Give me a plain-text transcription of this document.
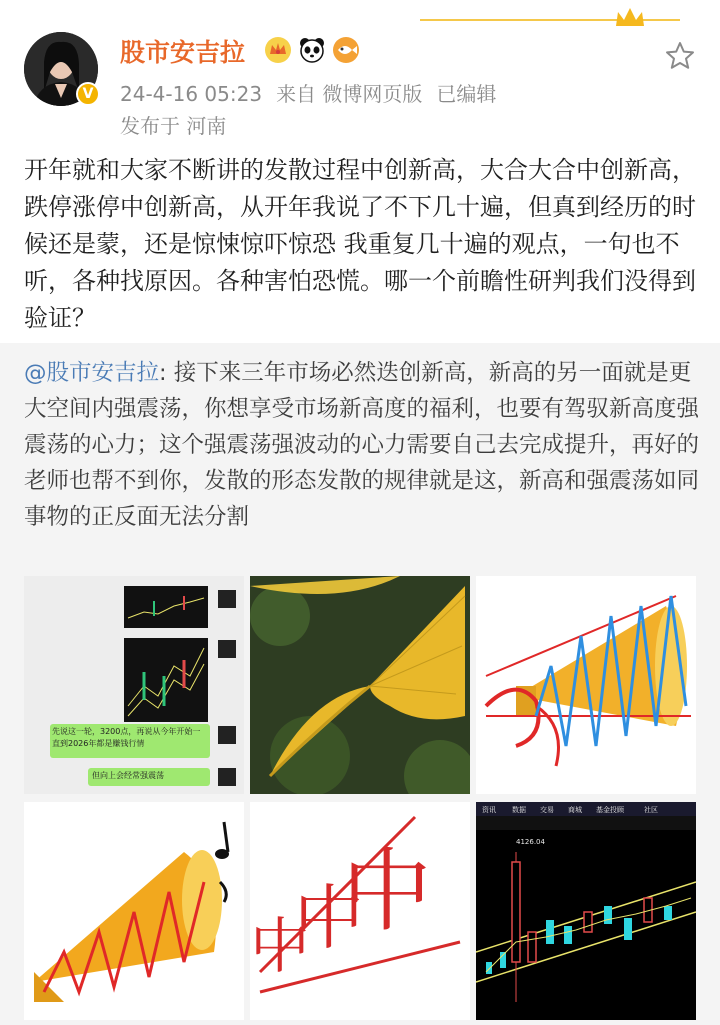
V
股市安吉拉
24-4-16 05:23 来自 微博网页版 已编辑
发布于 河南
开年就和大家不断讲的发散过程中创新高，大合大合中创新高，跌停涨停中创新高，从开年我说了不下几十遍，但真到经历的时候还是蒙，还是惊悚惊吓惊恐 我重复几十遍的观点，一句也不听，各种找原因。各种害怕恐慌。哪一个前瞻性研判我们没得到验证？
@股市安吉拉: 接下来三年市场必然迭创新高，新高的另一面就是更大空间内强震荡，你想享受市场新高度的福利，也要有驾驭新高度强震荡的心力；这个强震荡强波动的心力需要自己去完成提升，再好的老师也帮不到你，发散的形态发散的规律就是这，新高和强震荡如同事物的正反面无法分割
先说这一轮，3200点，再说从今年开始一直到2026年都是赚钱行情
但向上会经常强震荡
中
中
中
资讯 数据 交易 商城 基金投顾	社区
4126.04
